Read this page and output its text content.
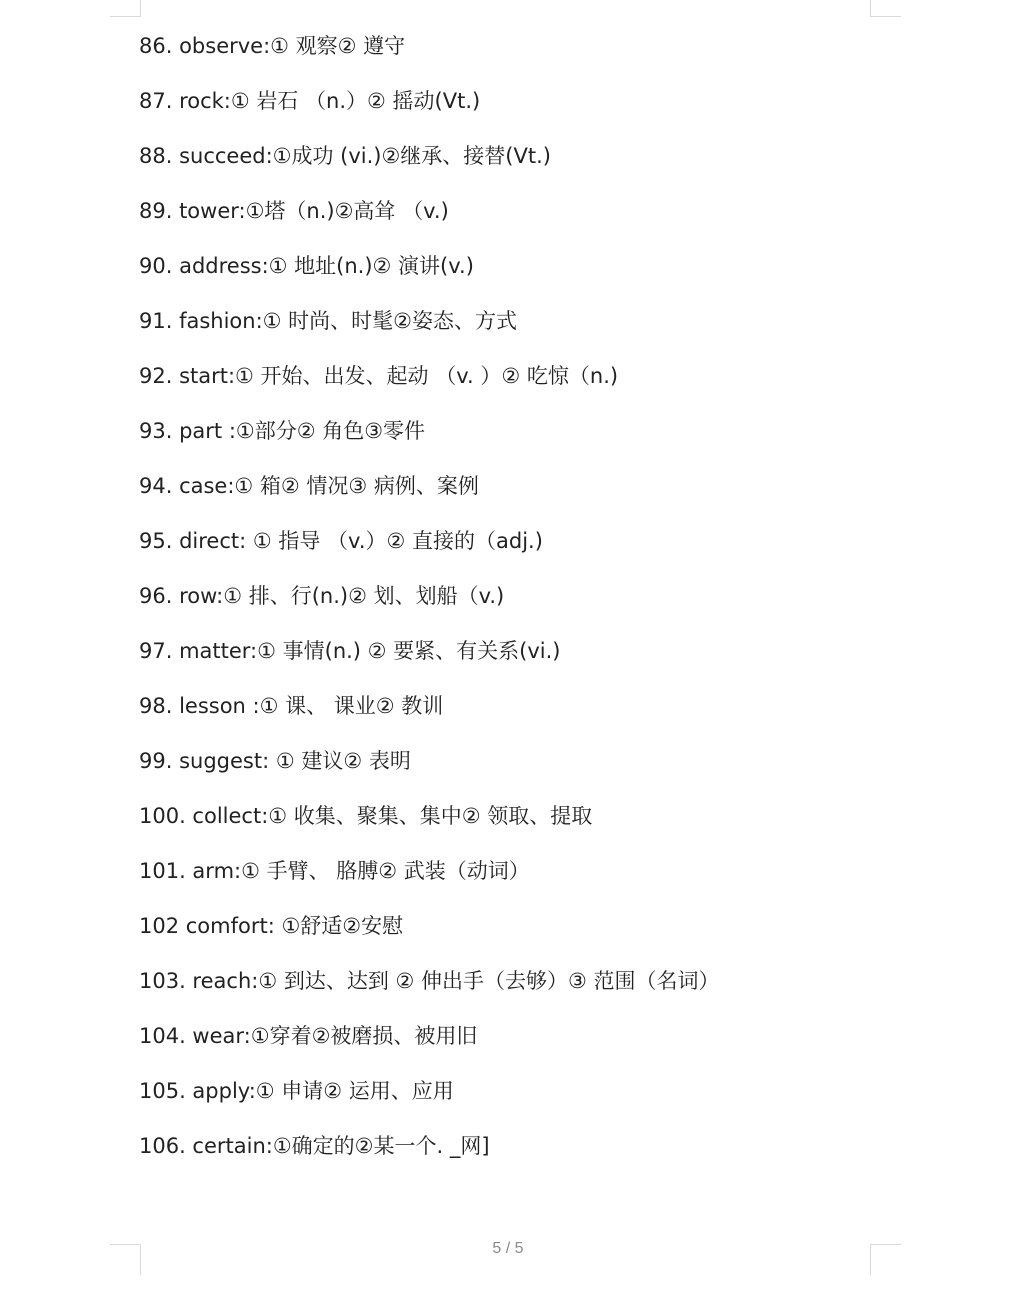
86. observe:① 观察② 遵守
87. rock:① 岩石 （n.）② 摇动(Vt.)
88. succeed:①成功 (vi.)②继承、接替(Vt.)
89. tower:①塔（n.)②高耸 （v.)
90. address:① 地址(n.)② 演讲(v.)
91. fashion:① 时尚、时髦②姿态、方式
92. start:① 开始、出发、起动 （v. ）② 吃惊（n.)
93. part :①部分② 角色③零件
94. case:① 箱② 情况③ 病例、案例
95. direct: ① 指导 （v.）② 直接的（adj.)
96. row:① 排、行(n.)② 划、划船（v.)
97. matter:① 事情(n.) ② 要紧、有关系(vi.)
98. lesson :① 课、 课业② 教训
99. suggest: ① 建议② 表明
100. collect:① 收集、聚集、集中② 领取、提取
101. arm:① 手臂、 胳膊② 武装（动词）
102 comfort: ①舒适②安慰
103. reach:① 到达、达到 ② 伸出手（去够）③ 范围（名词）
104. wear:①穿着②被磨损、被用旧
105. apply:① 申请② 运用、应用
106. certain:①确定的②某一个. _网]
5 / 5
